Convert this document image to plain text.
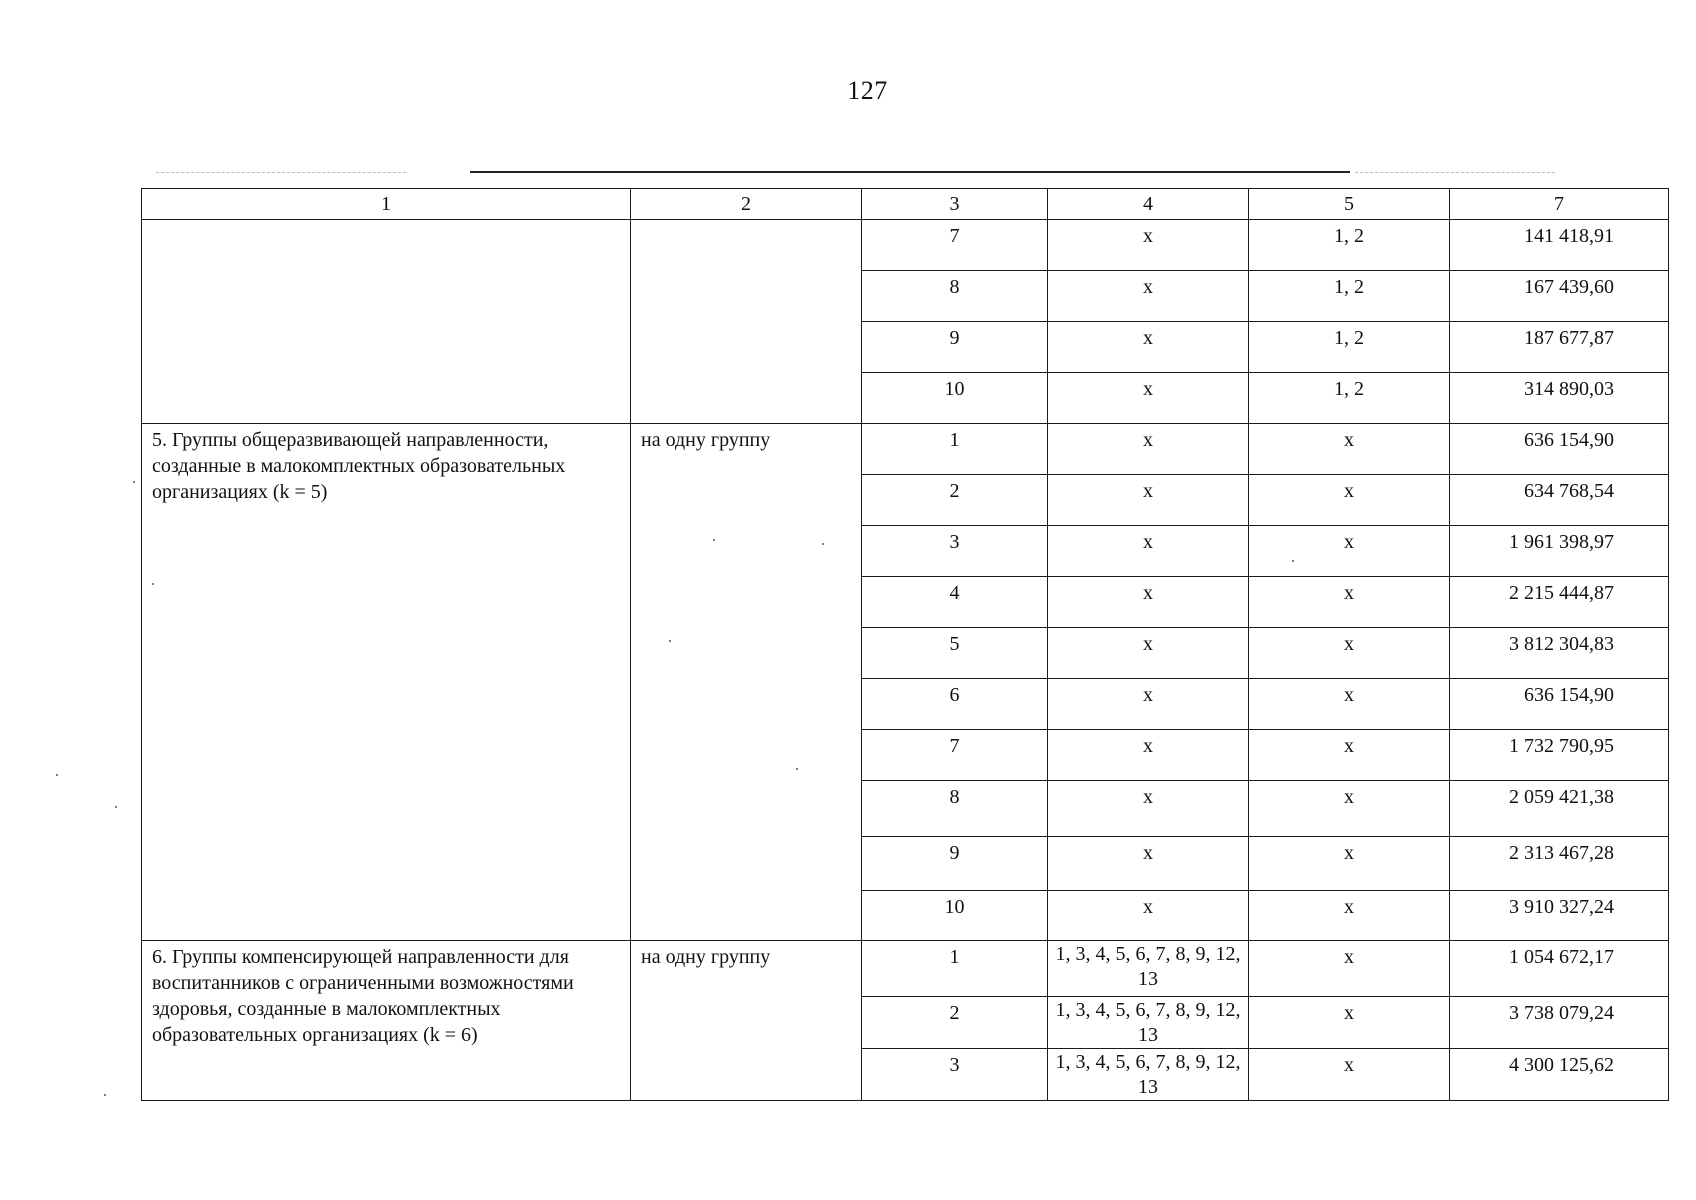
127
1	2	3	4	5	7

		7	х	1, 2	141 418,91

		8	х	1, 2	167 439,60

		9	х	1, 2	187 677,87

		10	х	1, 2	314 890,03

5. Группы общеразвивающей направленности, созданные в малокомплектных образовательных организациях (k = 5)	на одну группу	1	х	х	636 154,90

		2	х	х	634 768,54

		3	х	х	1 961 398,97

		4	х	х	2 215 444,87

		5	х	х	3 812 304,83

		6	х	х	636 154,90

		7	х	х	1 732 790,95

		8	х	х	2 059 421,38

		9	х	х	2 313 467,28

		10	х	х	3 910 327,24

6. Группы компенсирующей направленности для воспитанников с ограниченными возможностями здоровья, созданные в малокомплектных образовательных организациях (k = 6)	на одну группу	1	1, 3, 4, 5, 6, 7, 8, 9, 12, 13	х	1 054 672,17

		2	1, 3, 4, 5, 6, 7, 8, 9, 12, 13	х	3 738 079,24

		3	1, 3, 4, 5, 6, 7, 8, 9, 12, 13	х	4 300 125,62
